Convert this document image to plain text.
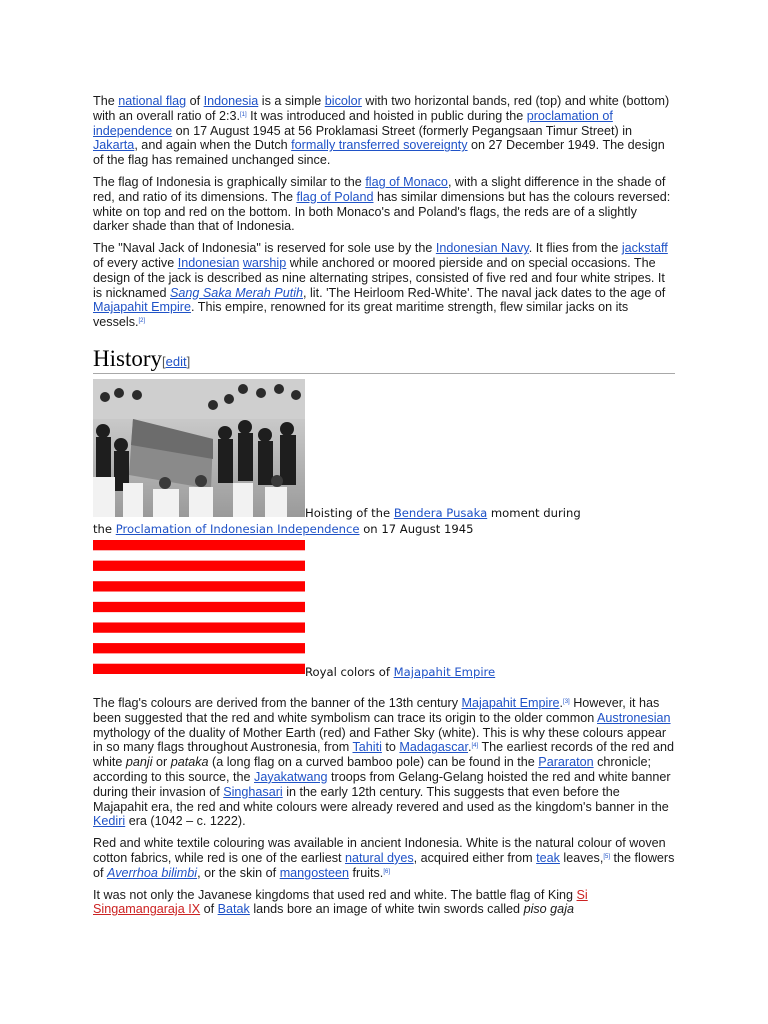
The national flag of Indonesia is a simple bicolor with two horizontal bands, red (top) and white (bottom) with an overall ratio of 2:3.[1] It was introduced and hoisted in public during the proclamation of independence on 17 August 1945 at 56 Proklamasi Street (formerly Pegangsaan Timur Street) in Jakarta, and again when the Dutch formally transferred sovereignty on 27 December 1949. The design of the flag has remained unchanged since.

The flag of Indonesia is graphically similar to the flag of Monaco, with a slight difference in the shade of red, and ratio of its dimensions. The flag of Poland has similar dimensions but has the colours reversed: white on top and red on the bottom. In both Monaco's and Poland's flags, the reds are of a slightly darker shade than that of Indonesia.

The "Naval Jack of Indonesia" is reserved for sole use by the Indonesian Navy. It flies from the jackstaff of every active Indonesian warship while anchored or moored pierside and on special occasions. The design of the jack is described as nine alternating stripes, consisted of five red and four white stripes. It is nicknamed Sang Saka Merah Putih, lit. 'The Heirloom Red-White'. The naval jack dates to the age of Majapahit Empire. This empire, renowned for its great maritime strength, flew similar jacks on its vessels.[2]

History[edit]
Hoisting of the Bendera Pusaka moment during
the Proclamation of Indonesian Independence on 17 August 1945
Royal colors of Majapahit Empire

The flag's colours are derived from the banner of the 13th century Majapahit Empire.[3] However, it has been suggested that the red and white symbolism can trace its origin to the older common Austronesian mythology of the duality of Mother Earth (red) and Father Sky (white). This is why these colours appear in so many flags throughout Austronesia, from Tahiti to Madagascar.[4] The earliest records of the red and white panji or pataka (a long flag on a curved bamboo pole) can be found in the Pararaton chronicle; according to this source, the Jayakatwang troops from Gelang-Gelang hoisted the red and white banner during their invasion of Singhasari in the early 12th century. This suggests that even before the Majapahit era, the red and white colours were already revered and used as the kingdom's banner in the Kediri era (1042 – c. 1222).

Red and white textile colouring was available in ancient Indonesia. White is the natural colour of woven cotton fabrics, while red is one of the earliest natural dyes, acquired either from teak leaves,[5] the flowers of Averrhoa bilimbi, or the skin of mangosteen fruits.[6]

It was not only the Javanese kingdoms that used red and white. The battle flag of King Si Singamangaraja IX of Batak lands bore an image of white twin swords called piso gaja
